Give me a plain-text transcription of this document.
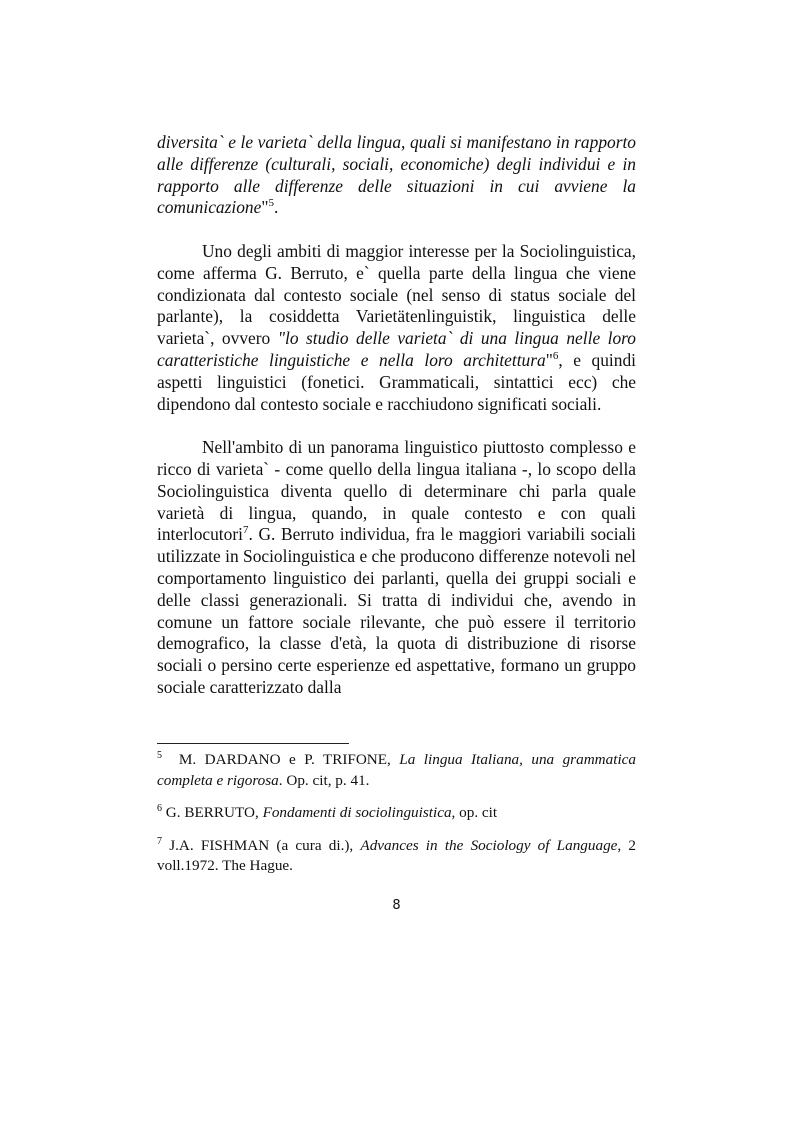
diversita` e le varieta` della lingua, quali si manifestano in rapporto alle differenze (culturali, sociali, economiche) degli individui e in rapporto alle differenze delle situazioni in cui avviene la comunicazione"$^5$.

Uno degli ambiti di maggior interesse per la Sociolinguistica, come afferma G. Berruto, e` quella parte della lingua che viene condizionata dal contesto sociale (nel senso di status sociale del parlante), la cosiddetta Varietätenlinguistik, linguistica delle varieta`, ovvero "lo studio delle varieta` di una lingua nelle loro caratteristiche linguistiche e nella loro architettura"$^6$, e quindi aspetti linguistici (fonetici. Grammaticali, sintattici ecc) che dipendono dal contesto sociale e racchiudono significati sociali.

Nell'ambito di un panorama linguistico piuttosto complesso e ricco di varieta` - come quello della lingua italiana -, lo scopo della Sociolinguistica diventa quello di determinare chi parla quale varietà di lingua, quando, in quale contesto e con quali interlocutori$^7$. G. Berruto individua, fra le maggiori variabili sociali utilizzate in Sociolinguistica e che producono differenze notevoli nel comportamento linguistico dei parlanti, quella dei gruppi sociali e delle classi generazionali. Si tratta di individui che, avendo in comune un fattore sociale rilevante, che può essere il territorio demografico, la classe d'età, la quota di distribuzione di risorse sociali o persino certe esperienze ed aspettative, formano un gruppo sociale caratterizzato dalla

$^5$ M. DARDANO e P. TRIFONE, La lingua Italiana, una grammatica completa e rigorosa. Op. cit, p. 41.

$^6$ G. BERRUTO, Fondamenti di sociolinguistica, op. cit

$^7$ J.A. FISHMAN (a cura di.), Advances in the Sociology of Language, 2 voll.1972. The Hague.

8
